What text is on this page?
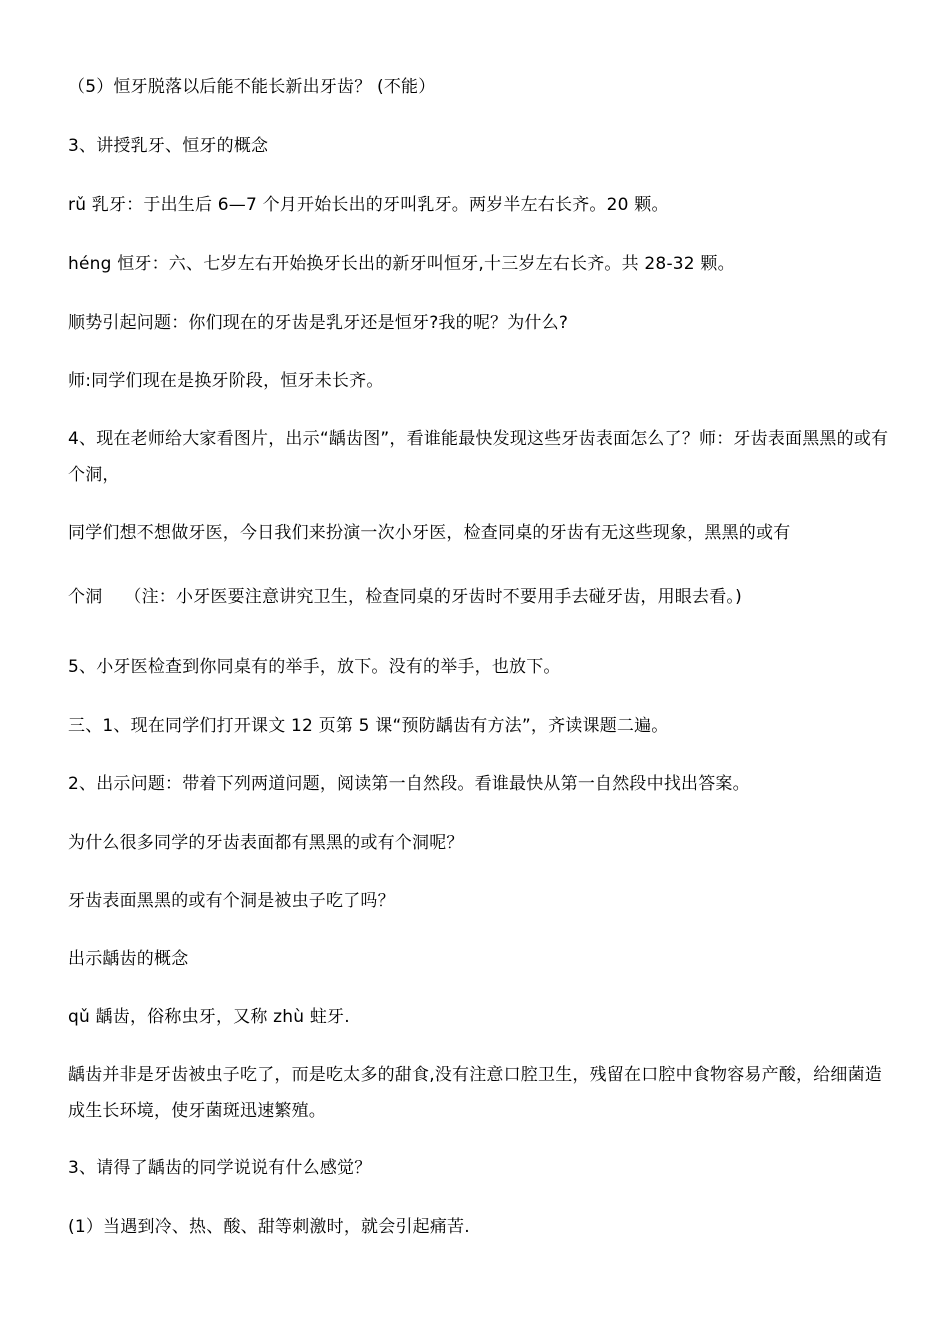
（5）恒牙脱落以后能不能长新出牙齿？ (不能）
3、讲授乳牙、恒牙的概念
rǔ 乳牙：于出生后 6—7 个月开始长出的牙叫乳牙。两岁半左右长齐。20 颗。
héng 恒牙：六、七岁左右开始换牙长出的新牙叫恒牙,十三岁左右长齐。共 28-32 颗。
顺势引起问题：你们现在的牙齿是乳牙还是恒牙?我的呢？为什么?
师:同学们现在是换牙阶段，恒牙未长齐。
4、现在老师给大家看图片，出示“龋齿图”，看谁能最快发现这些牙齿表面怎么了？师：牙齿表面黑黑的或有个洞，
同学们想不想做牙医，今日我们来扮演一次小牙医，检查同桌的牙齿有无这些现象，黑黑的或有
个洞 （注：小牙医要注意讲究卫生，检查同桌的牙齿时不要用手去碰牙齿，用眼去看。)
5、小牙医检查到你同桌有的举手，放下。没有的举手，也放下。
三、1、现在同学们打开课文 12 页第 5 课“预防龋齿有方法”，齐读课题二遍。
2、出示问题：带着下列两道问题，阅读第一自然段。看谁最快从第一自然段中找出答案。
为什么很多同学的牙齿表面都有黑黑的或有个洞呢？
牙齿表面黑黑的或有个洞是被虫子吃了吗？
出示龋齿的概念
qǔ 龋齿，俗称虫牙，又称 zhù 蛀牙.
龋齿并非是牙齿被虫子吃了，而是吃太多的甜食,没有注意口腔卫生，残留在口腔中食物容易产酸，给细菌造成生长环境，使牙菌斑迅速繁殖。
3、请得了龋齿的同学说说有什么感觉？
(1）当遇到冷、热、酸、甜等刺激时，就会引起痛苦.
